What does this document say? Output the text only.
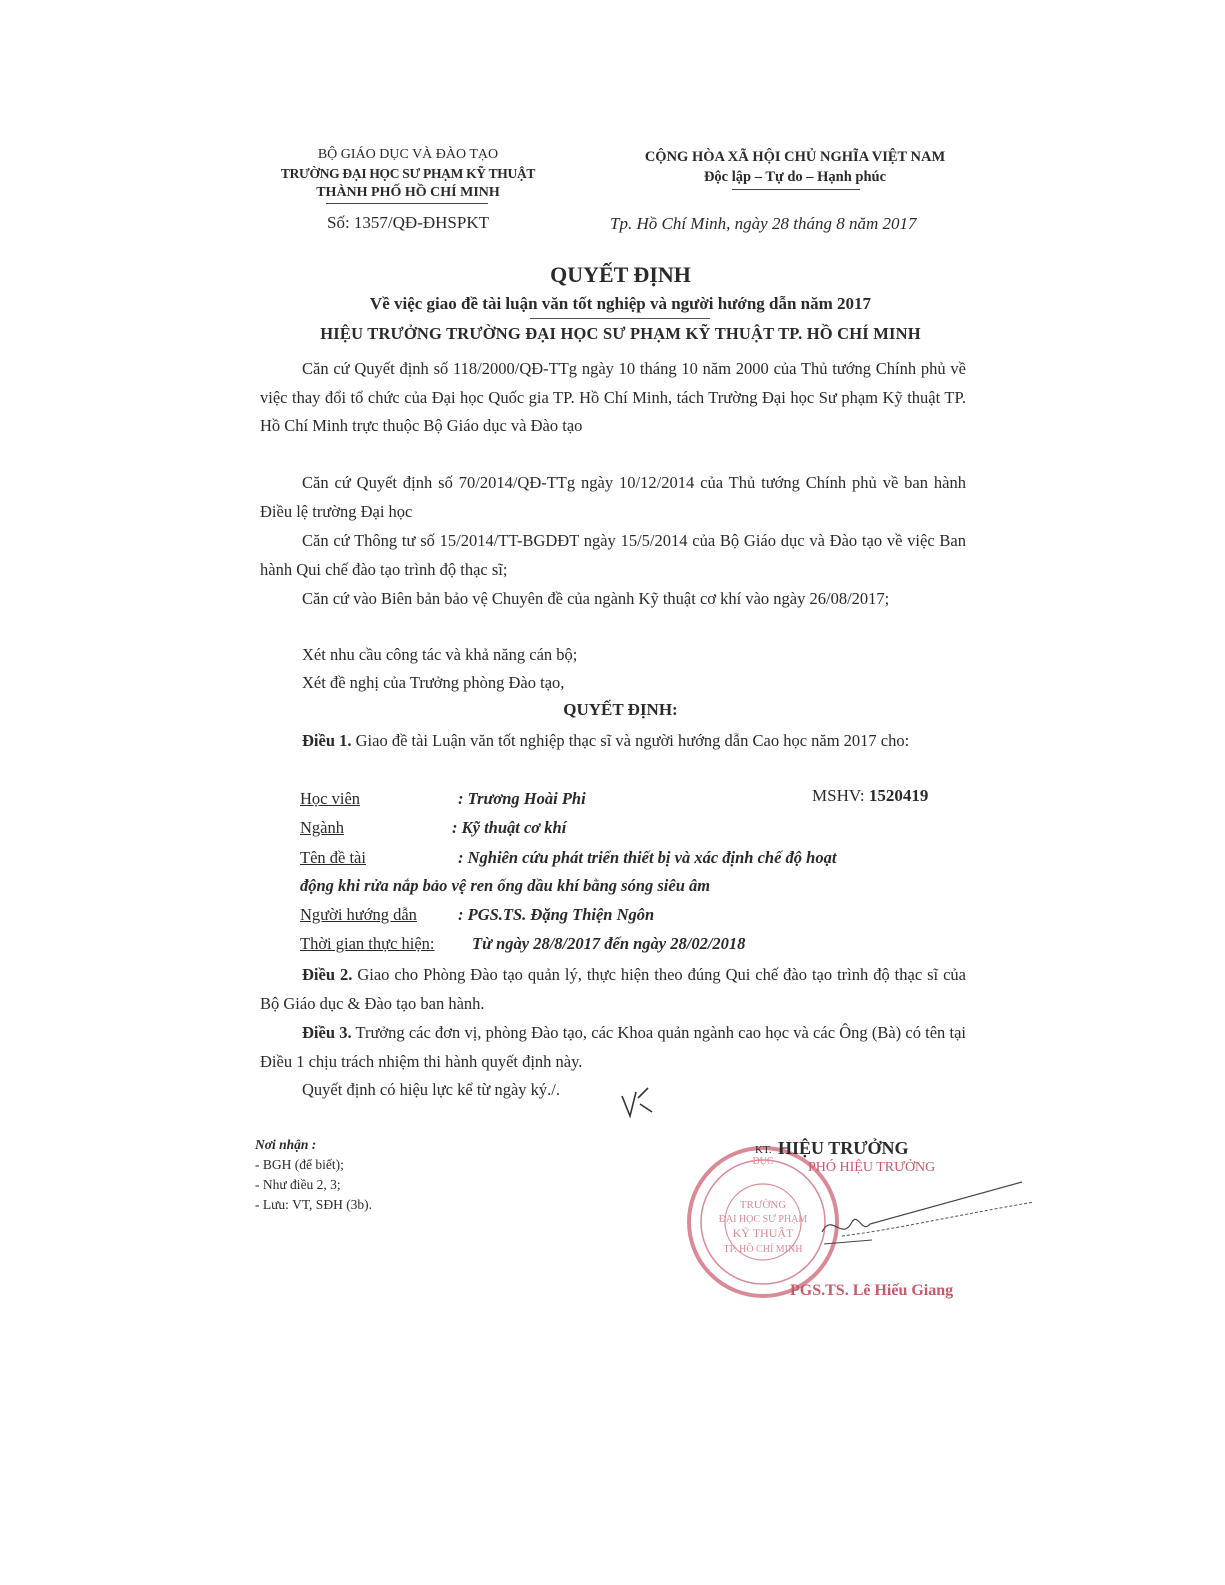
BỘ GIÁO DỤC VÀ ĐÀO TẠO
TRƯỜNG ĐẠI HỌC SƯ PHẠM KỸ THUẬT
THÀNH PHỐ HỒ CHÍ MINH
Số: 1357/QĐ-ĐHSPKT
CỘNG HÒA XÃ HỘI CHỦ NGHĨA VIỆT NAM
Độc lập – Tự do – Hạnh phúc
Tp. Hồ Chí Minh, ngày 28 tháng 8 năm 2017
QUYẾT ĐỊNH
Về việc giao đề tài luận văn tốt nghiệp và người hướng dẫn năm 2017
HIỆU TRƯỞNG TRƯỜNG ĐẠI HỌC SƯ PHẠM KỸ THUẬT TP. HỒ CHÍ MINH
Căn cứ Quyết định số 118/2000/QĐ-TTg ngày 10 tháng 10 năm 2000 của Thủ tướng Chính phủ về việc thay đổi tổ chức của Đại học Quốc gia TP. Hồ Chí Minh, tách Trường Đại học Sư phạm Kỹ thuật TP. Hồ Chí Minh trực thuộc Bộ Giáo dục và Đào tạo
Căn cứ Quyết định số 70/2014/QĐ-TTg ngày 10/12/2014 của Thủ tướng Chính phủ về ban hành Điều lệ trường Đại học
Căn cứ Thông tư số 15/2014/TT-BGDĐT ngày 15/5/2014 của Bộ Giáo dục và Đào tạo về việc Ban hành Qui chế đào tạo trình độ thạc sĩ;
Căn cứ vào Biên bản bảo vệ Chuyên đề của ngành Kỹ thuật cơ khí vào ngày 26/08/2017;
Xét nhu cầu công tác và khả năng cán bộ;
Xét đề nghị của Trưởng phòng Đào tạo,
QUYẾT ĐỊNH:
Điều 1. Giao đề tài Luận văn tốt nghiệp thạc sĩ và người hướng dẫn Cao học năm 2017 cho:
Học viên	: Trương Hoài Phi	MSHV: 1520419
Ngành	: Kỹ thuật cơ khí
Tên đề tài	: Nghiên cứu phát triển thiết bị và xác định chế độ hoạt
động khi rửa nắp bảo vệ ren ống dầu khí bằng sóng siêu âm
Người hướng dẫn : PGS.TS. Đặng Thiện Ngôn
Thời gian thực hiện: Từ ngày 28/8/2017 đến ngày 28/02/2018
Điều 2. Giao cho Phòng Đào tạo quản lý, thực hiện theo đúng Qui chế đào tạo trình độ thạc sĩ của Bộ Giáo dục & Đào tạo ban hành.
Điều 3. Trưởng các đơn vị, phòng Đào tạo, các Khoa quản ngành cao học và các Ông (Bà) có tên tại Điều 1 chịu trách nhiệm thi hành quyết định này.
Quyết định có hiệu lực kể từ ngày ký./.
Nơi nhận :
- BGH (để biết);
- Như điều 2, 3;
- Lưu: VT, SĐH (3b).	TRƯỜNG
ĐẠI HỌC SƯ PHẠM
KỸ THUẬT
TP. HỒ CHÍ MINH
ĐỤC
KT. HIỆU TRƯỞNG
PHÓ HIỆU TRƯỞNG
PGS.TS. Lê Hiếu Giang
